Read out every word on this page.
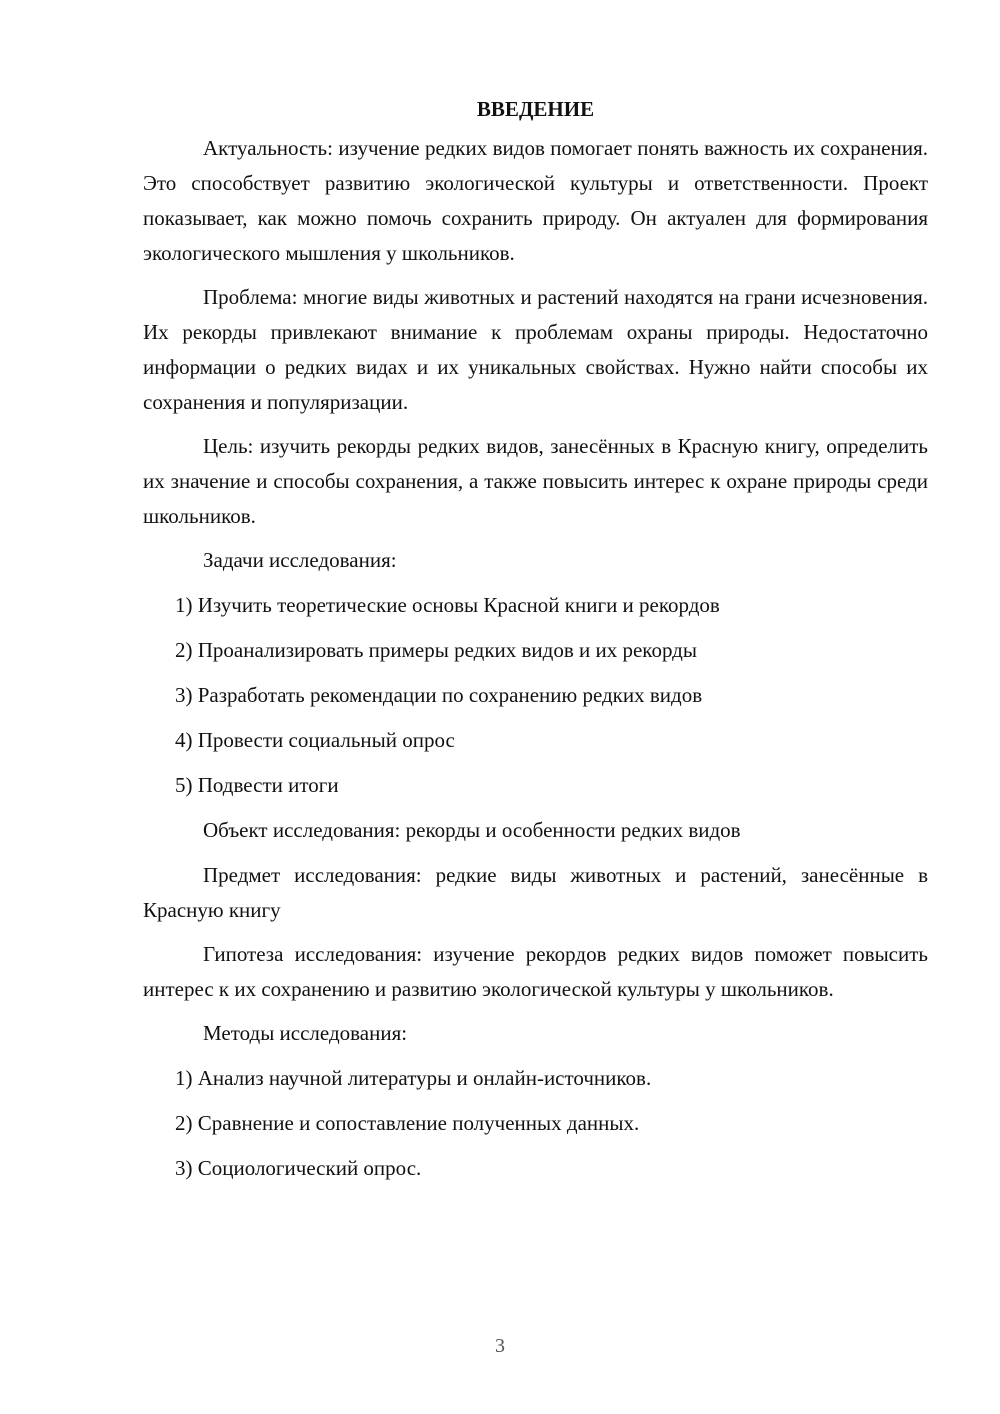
ВВЕДЕНИЕ

Актуальность: изучение редких видов помогает понять важность их сохранения. Это способствует развитию экологической культуры и ответственности. Проект показывает, как можно помочь сохранить природу. Он актуален для формирования экологического мышления у школьников.

Проблема: многие виды животных и растений находятся на грани исчезновения. Их рекорды привлекают внимание к проблемам охраны природы. Недостаточно информации о редких видах и их уникальных свойствах. Нужно найти способы их сохранения и популяризации.

Цель: изучить рекорды редких видов, занесённых в Красную книгу, определить их значение и способы сохранения, а также повысить интерес к охране природы среди школьников.

Задачи исследования:

1) Изучить теоретические основы Красной книги и рекордов

2) Проанализировать примеры редких видов и их рекорды

3) Разработать рекомендации по сохранению редких видов

4) Провести социальный опрос

5) Подвести итоги

Объект исследования: рекорды и особенности редких видов

Предмет исследования: редкие виды животных и растений, занесённые в Красную книгу

Гипотеза исследования: изучение рекордов редких видов поможет повысить интерес к их сохранению и развитию экологической культуры у школьников.

Методы исследования:

1) Анализ научной литературы и онлайн-источников.

2) Сравнение и сопоставление полученных данных.

3) Социологический опрос.

3
